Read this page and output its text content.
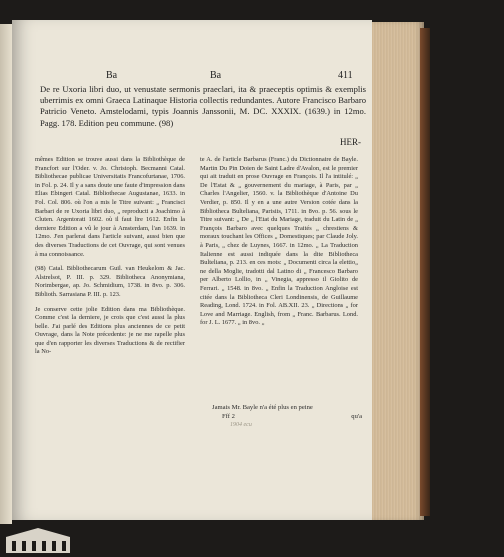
Ba	Ba	411
De re Uxoria libri duo, ut venustate sermonis praeclari, ita & praeceptis optimis & exemplis uberrimis ex omni Graeca Latinaque Historia collectis redundantes. Autore Francisco Barbaro Patricio Veneto. Amstelodami, typis Joannis Janssonii, M. DC. XXXIX. (1639.) in 12mo. Pagg. 178. Edition peu commune. (98)
HER-

mêmes Edition se trouve aussi dans la Bibliothèque de Francfort sur l'Oder. v. Jo. Christoph. Becmanni Catal. Bibliothecae publicae Universitatis Francofurtanae, 1706. in Fol. p. 24. Il y a sans doute une faute d'impression dans Elias Ebingeri Catal. Bibliothecae Augustanae, 1633. in Fol. Col. 806. où l'on a mis le Titre suivant: „ Francisci Barbari de re Uxoria libri duo, „ reproducti a Joachimo à Cluten. Argentorati 1602. où il faut lire 1612. Enfin la derniere Edition a vû le jour à Amsterdam, l'an 1639. in 12mo. J'en parlerai dans l'article suivant, aussi bien que des diverses Traductions de cet Ouvrage, qui sont venues à ma connoissance.

(98) Catal. Bibliothecarum Guil. van Heukelom & Jac. Alstrelsot, P. III. p. 329. Bibliotheca Anonymiana, Norimbergae, ap. Jo. Schmidium, 1738. in 8vo. p. 306. Biblioth. Sarrasiana P. III. p. 123.

Je conserve cette jolie Edition dans ma Bibliothèque. Comme c'est la derniere, je crois que c'est aussi la plus belle. J'ai parlé des Editions plus anciennes de ce petit Ouvrage, dans la Note précedente: je ne me rapelle plus que d'en rapporter les diverses Traductions & de rectifier la No-

te A. de l'article Barbarus (Franc.) du Dictionnaire de Bayle. Martin Du Pin Doien de Saint Ladre d'Avalon, est le premier qui ait traduit en prose Ouvrage en François. Il l'a intitulé: „ De l'Estat & „ gouvernement du mariage, à Paris, par „ Charles l'Angelier, 1560. v. la Bibliothèque d'Antoine Du Verdier, p. 850. Il y en a une autre Version cotée dans la Bibliotheca Bulteliana, Parisiis, 1711. in 8vo. p. 56. sous le Titre suivant: „ De „ l'Etat du Mariage, traduit du Latin de „ François Barbaro avec quelques Traités „ chrestiens & moraux touchant les Offices „ Domestiques; par Claude Joly. à Paris, „ chez de Luynes, 1667. in 12mo. „ La Traduction Italienne est aussi indiquée dans la dite Bibliotheca Bulteliana, p. 213. en ces mots: „ Documenti circa la elettio„ ne della Moglie, tradotti dal Latino di „ Francesco Barbaro per Alberto Lollio, in „ Vinegia, appresso il Giolito de Ferrari. „ 1548. in 8vo. „ Enfin la Traduction Angloise est citée dans la Bibliotheca Cleri Londinensis, de Guillaume Reading, Lond. 1724. in Fol. AB.XII. 23. „ Directions „ for Love and Marriage. English, from „ Franc. Barbarus. Lond. for J. L. 1677. „ in 8vo. „

Jamais Mr. Bayle n'a été plus en peine
Fff 2	qu'a
1904 ecu
